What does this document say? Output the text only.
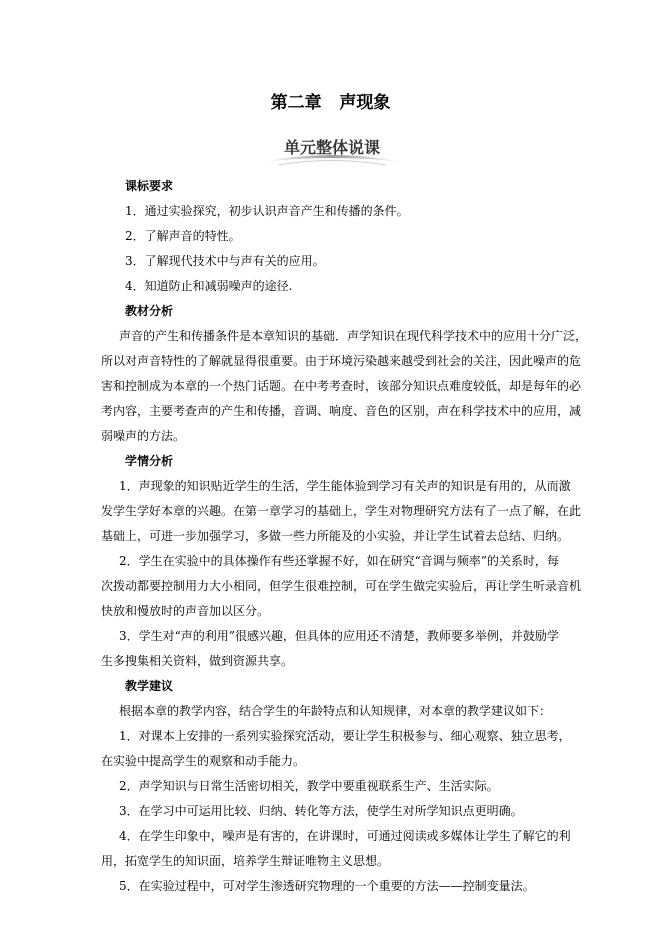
第二章   声现象
单元整体说课
课标要求
1．通过实验探究，初步认识声音产生和传播的条件。
2．了解声音的特性。
3．了解现代技术中与声有关的应用。
4．知道防止和减弱噪声的途径.
教材分析
声音的产生和传播条件是本章知识的基础．声学知识在现代科学技术中的应用十分广泛，
所以对声音特性的了解就显得很重要。由于环境污染越来越受到社会的关注，因此噪声的危
害和控制成为本章的一个热门话题。在中考考查时，该部分知识点难度较低，却是每年的必
考内容，主要考查声的产生和传播，音调、响度、音色的区别，声在科学技术中的应用，减
弱噪声的方法。
学情分析
1．声现象的知识贴近学生的生活，学生能体验到学习有关声的知识是有用的，从而激
发学生学好本章的兴趣。在第一章学习的基础上，学生对物理研究方法有了一点了解，在此
基础上，可进一步加强学习，多做一些力所能及的小实验，并让学生试着去总结、归纳。
2．学生在实验中的具体操作有些还掌握不好，如在研究“音调与频率”的关系时，每
次拨动都要控制用力大小相同，但学生很难控制，可在学生做完实验后，再让学生听录音机
快放和慢放时的声音加以区分。
3．学生对“声的利用”很感兴趣，但具体的应用还不清楚，教师要多举例，并鼓励学
生多搜集相关资料，做到资源共享。
教学建议
根据本章的教学内容，结合学生的年龄特点和认知规律，对本章的教学建议如下：
1．对课本上安排的一系列实验探究活动，要让学生积极参与、细心观察、独立思考，
在实验中提高学生的观察和动手能力。
2．声学知识与日常生活密切相关，教学中要重视联系生产、生活实际。
3．在学习中可运用比较、归纳、转化等方法，使学生对所学知识点更明确。
4．在学生印象中，噪声是有害的，在讲课时，可通过阅读或多媒体让学生了解它的利
用，拓宽学生的知识面，培养学生辩证唯物主义思想。
5．在实验过程中，可对学生渗透研究物理的一个重要的方法——控制变量法。
